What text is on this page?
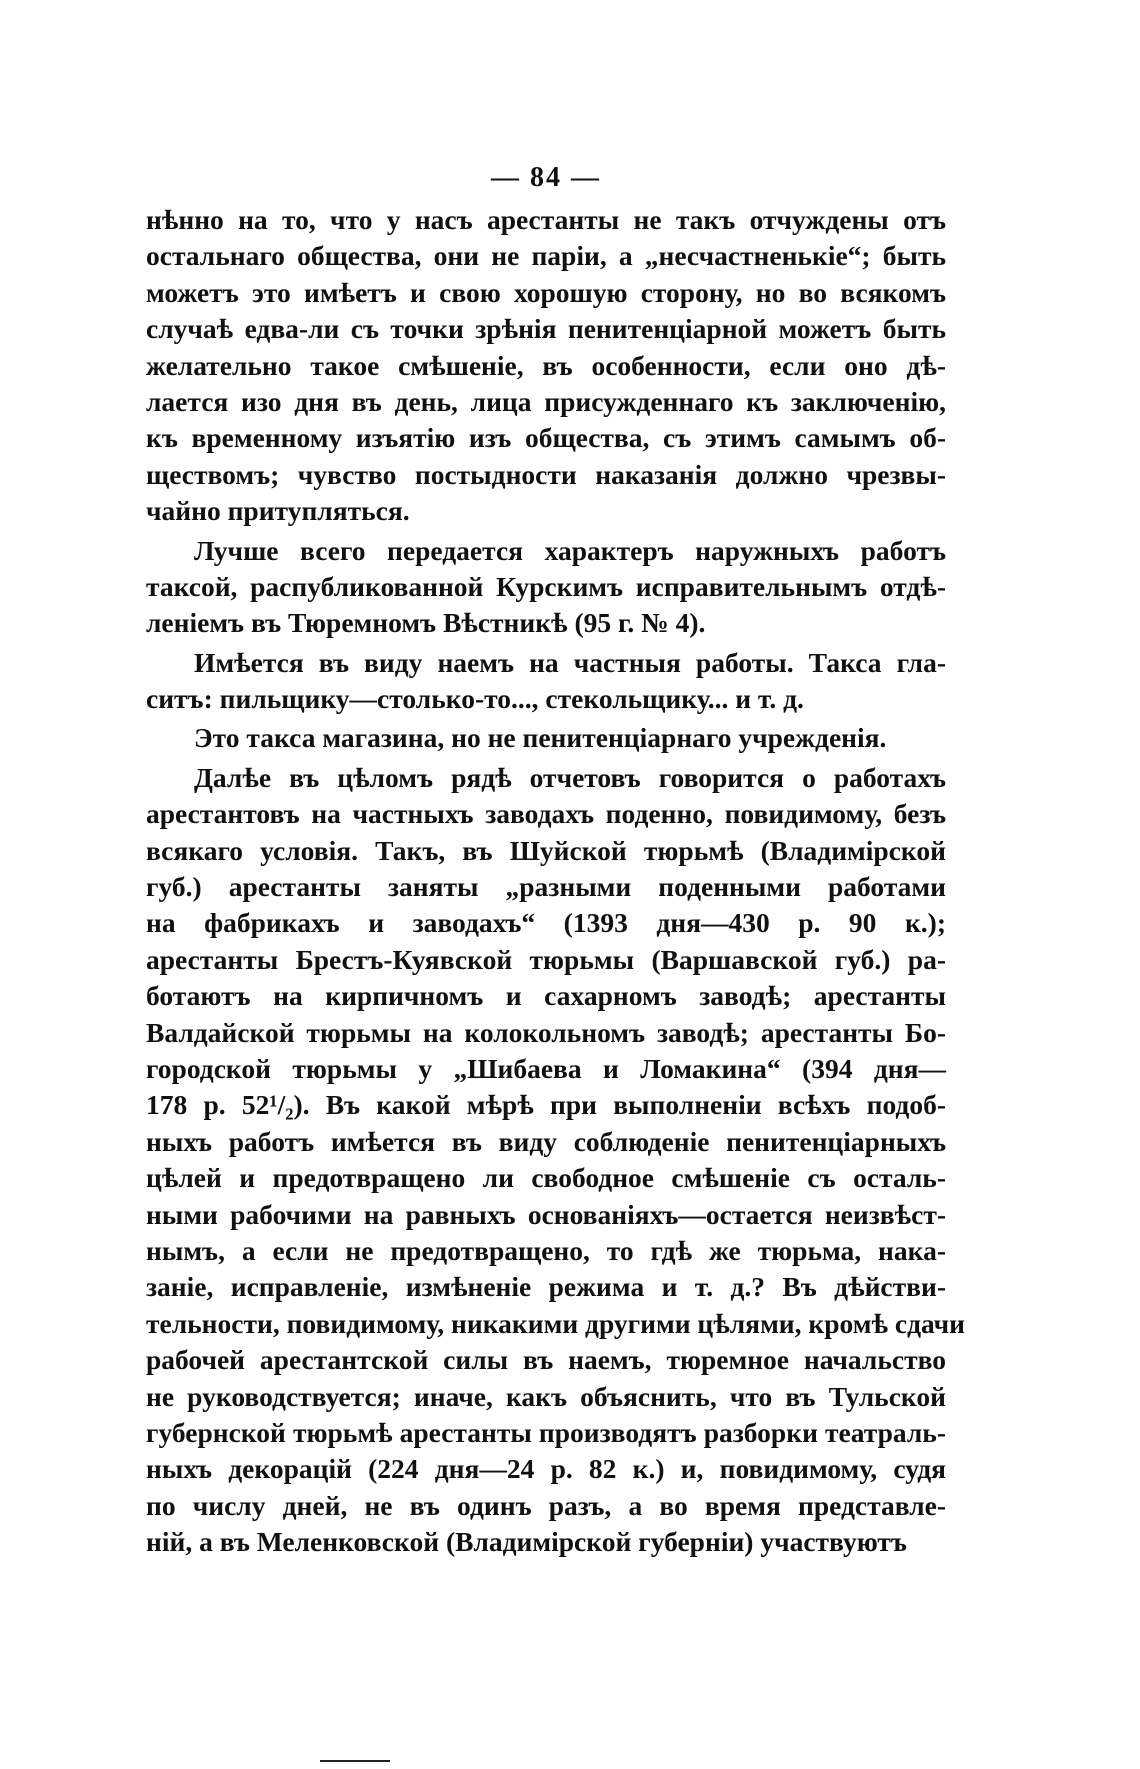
— 84 —
нѣнно на то, что у насъ арестанты не такъ отчуждены отъ
остальнаго общества, они не паріи, а „несчастненькіе“; быть
можетъ это имѣетъ и свою хорошую сторону, но во всякомъ
случаѣ едва-ли съ точки зрѣнія пенитенціарной можетъ быть
желательно такое смѣшеніе, въ особенности, если оно дѣ-
лается изо дня въ день, лица присужденнаго къ заключенію,
къ временному изъятію изъ общества, съ этимъ самымъ об-
ществомъ; чувство постыдности наказанія должно чрезвы-
чайно притупляться.
Лучше всего передается характеръ наружныхъ работъ
таксой, распубликованной Курскимъ исправительнымъ отдѣ-
леніемъ въ Тюремномъ Вѣстникѣ (95 г. № 4).
Имѣется въ виду наемъ на частныя работы. Такса гла-
ситъ: пильщику—столько-то..., стекольщику... и т. д.
Это такса магазина, но не пенитенціарнаго учрежденія.
Далѣе въ цѣломъ рядѣ отчетовъ говорится о работахъ
арестантовъ на частныхъ заводахъ поденно, повидимому, безъ
всякаго условія. Такъ, въ Шуйской тюрьмѣ (Владимірской
губ.) арестанты заняты „разными поденными работами
на фабрикахъ и заводахъ“ (1393 дня—430 р. 90 к.);
арестанты Брестъ-Куявской тюрьмы (Варшавской губ.) ра-
ботаютъ на кирпичномъ и сахарномъ заводѣ; арестанты
Валдайской тюрьмы на колокольномъ заводѣ; арестанты Бо-
городской тюрьмы у „Шибаева и Ломакина“ (394 дня—
178 р. 52¹/₂). Въ какой мѣрѣ при выполненіи всѣхъ подоб-
ныхъ работъ имѣется въ виду соблюденіе пенитенціарныхъ
цѣлей и предотвращено ли свободное смѣшеніе съ осталь-
ными рабочими на равныхъ основаніяхъ—остается неизвѣст-
нымъ, а если не предотвращено, то гдѣ же тюрьма, нака-
заніе, исправленіе, измѣненіе режима и т. д.? Въ дѣйстви-
тельности, повидимому, никакими другими цѣлями, кромѣ сдачи
рабочей арестантской силы въ наемъ, тюремное начальство
не руководствуется; иначе, какъ объяснить, что въ Тульской
губернской тюрьмѣ арестанты производятъ разборки театраль-
ныхъ декорацій (224 дня—24 р. 82 к.) и, повидимому, судя
по числу дней, не въ одинъ разъ, а во время представле-
ній, а въ Меленковской (Владимірской губерніи) участвуютъ
